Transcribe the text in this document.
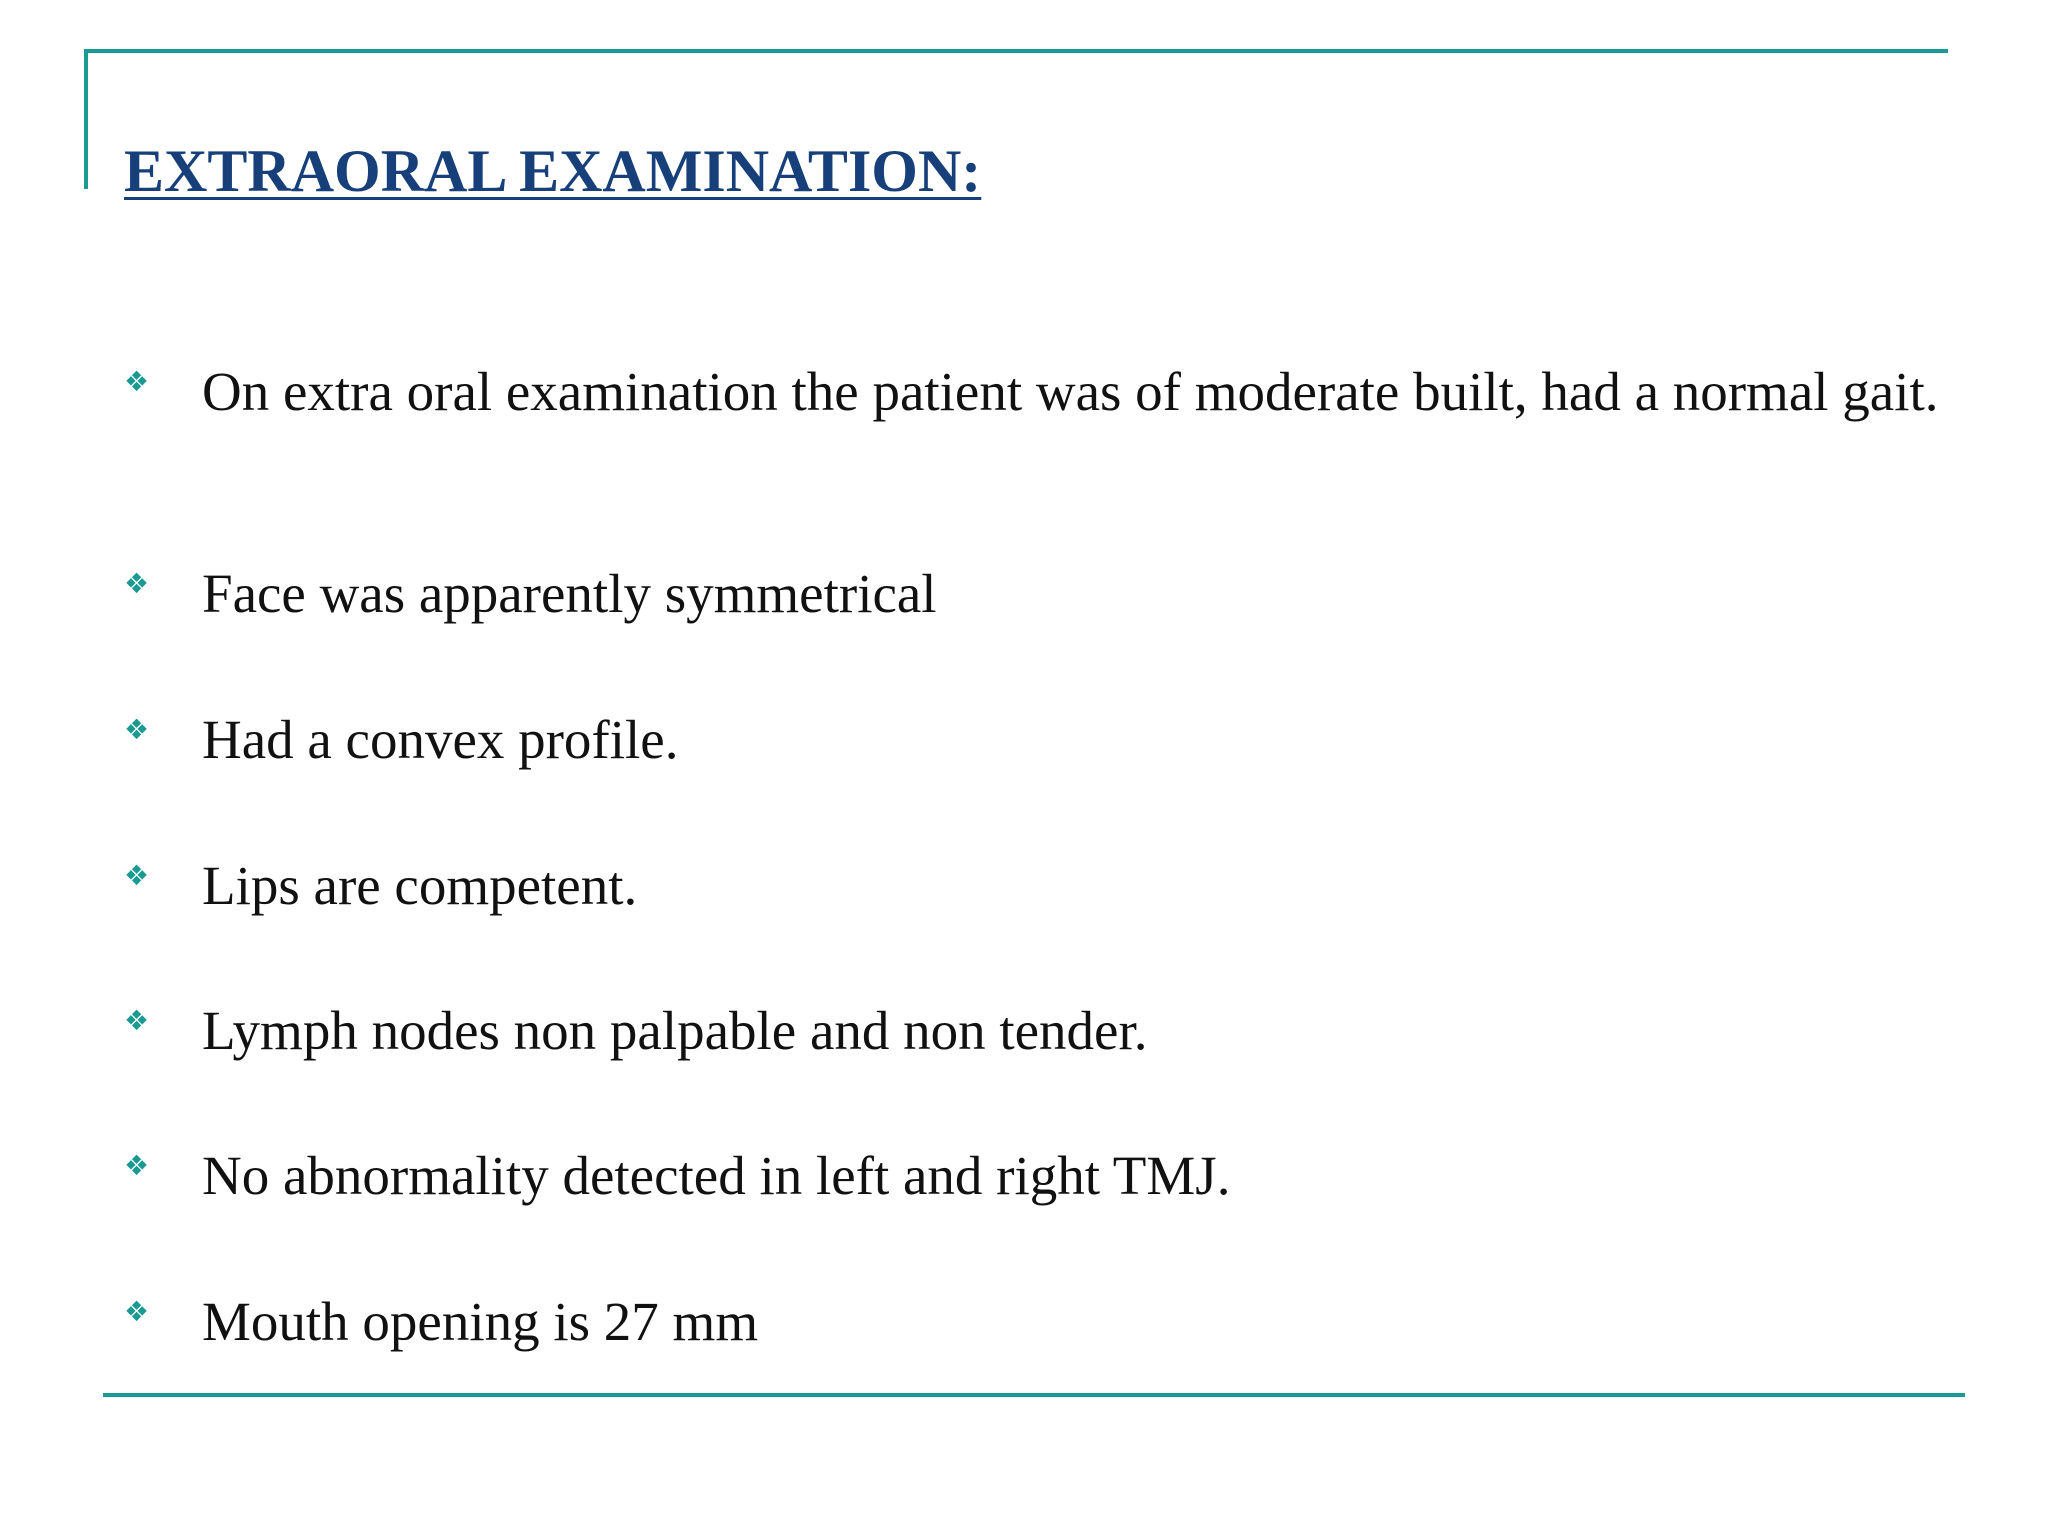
EXTRAORAL EXAMINATION:
❖ On extra oral examination the patient was of moderate built, had a normal gait.
❖ Face was apparently symmetrical
❖ Had a convex profile.
❖ Lips are competent.
❖ Lymph nodes non palpable and non tender.
❖ No abnormality detected in left and right TMJ.
❖ Mouth opening is 27 mm
